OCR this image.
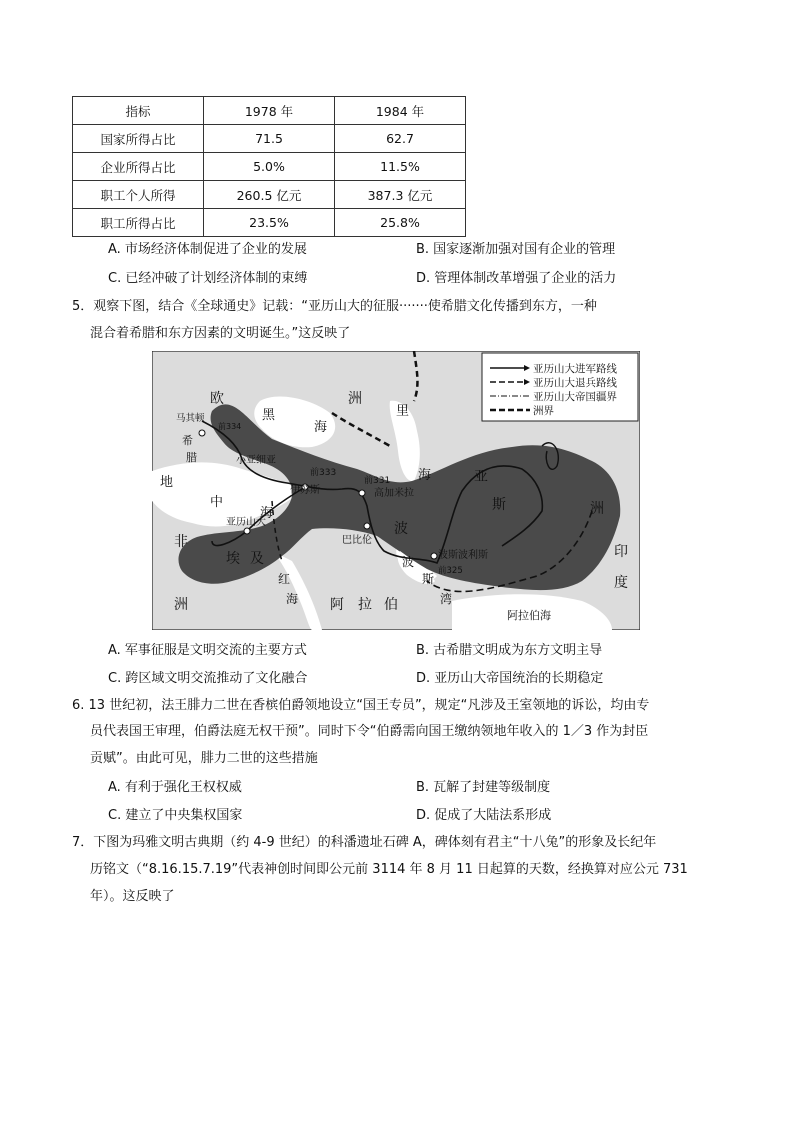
指标	1978 年	1984 年
国家所得占比	71.5	62.7
企业所得占比	5.0%	11.5%
职工个人所得	260.5 亿元	387.3 亿元
职工所得占比	23.5%	25.8%
A. 市场经济体制促进了企业的发展	B. 国家逐渐加强对国有企业的管理
C. 已经冲破了计划经济体制的束缚	D. 管理体制改革增强了企业的活力
5．观察下图，结合《全球通史》记载：“亚历山大的征服·······使希腊文化传播到东方，一种
混合着希腊和东方因素的文明诞生。”这反映了
亚历山大进军路线
亚历山大退兵路线
亚历山大帝国疆界
洲界
欧	洲
黑
海
里
海
马其顿
前334
希
腊	小亚细亚
前333
伊苏斯
地
中
海
前331
高加米拉
亚
斯	洲
亚历山大
埃 及
波
巴比伦
波斯波利斯
波
斯
湾
前325
非
洲
红
海 阿 拉 伯
印
度
阿拉伯海
A. 军事征服是文明交流的主要方式	B. 古希腊文明成为东方文明主导
C. 跨区域文明交流推动了文化融合	D. 亚历山大帝国统治的长期稳定
6. 13 世纪初，法王腓力二世在香槟伯爵领地设立“国王专员”，规定“凡涉及王室领地的诉讼，均由专
员代表国王审理，伯爵法庭无权干预”。同时下令“伯爵需向国王缴纳领地年收入的 1／3 作为封臣
贡赋”。由此可见，腓力二世的这些措施
A. 有利于强化王权权威	B. 瓦解了封建等级制度
C. 建立了中央集权国家	D. 促成了大陆法系形成
7．下图为玛雅文明古典期（约 4-9 世纪）的科潘遗址石碑 A，碑体刻有君主“十八兔”的形象及长纪年
历铭文（“8.16.15.7.19”代表神创时间即公元前 3114 年 8 月 11 日起算的天数，经换算对应公元 731
年）。这反映了
